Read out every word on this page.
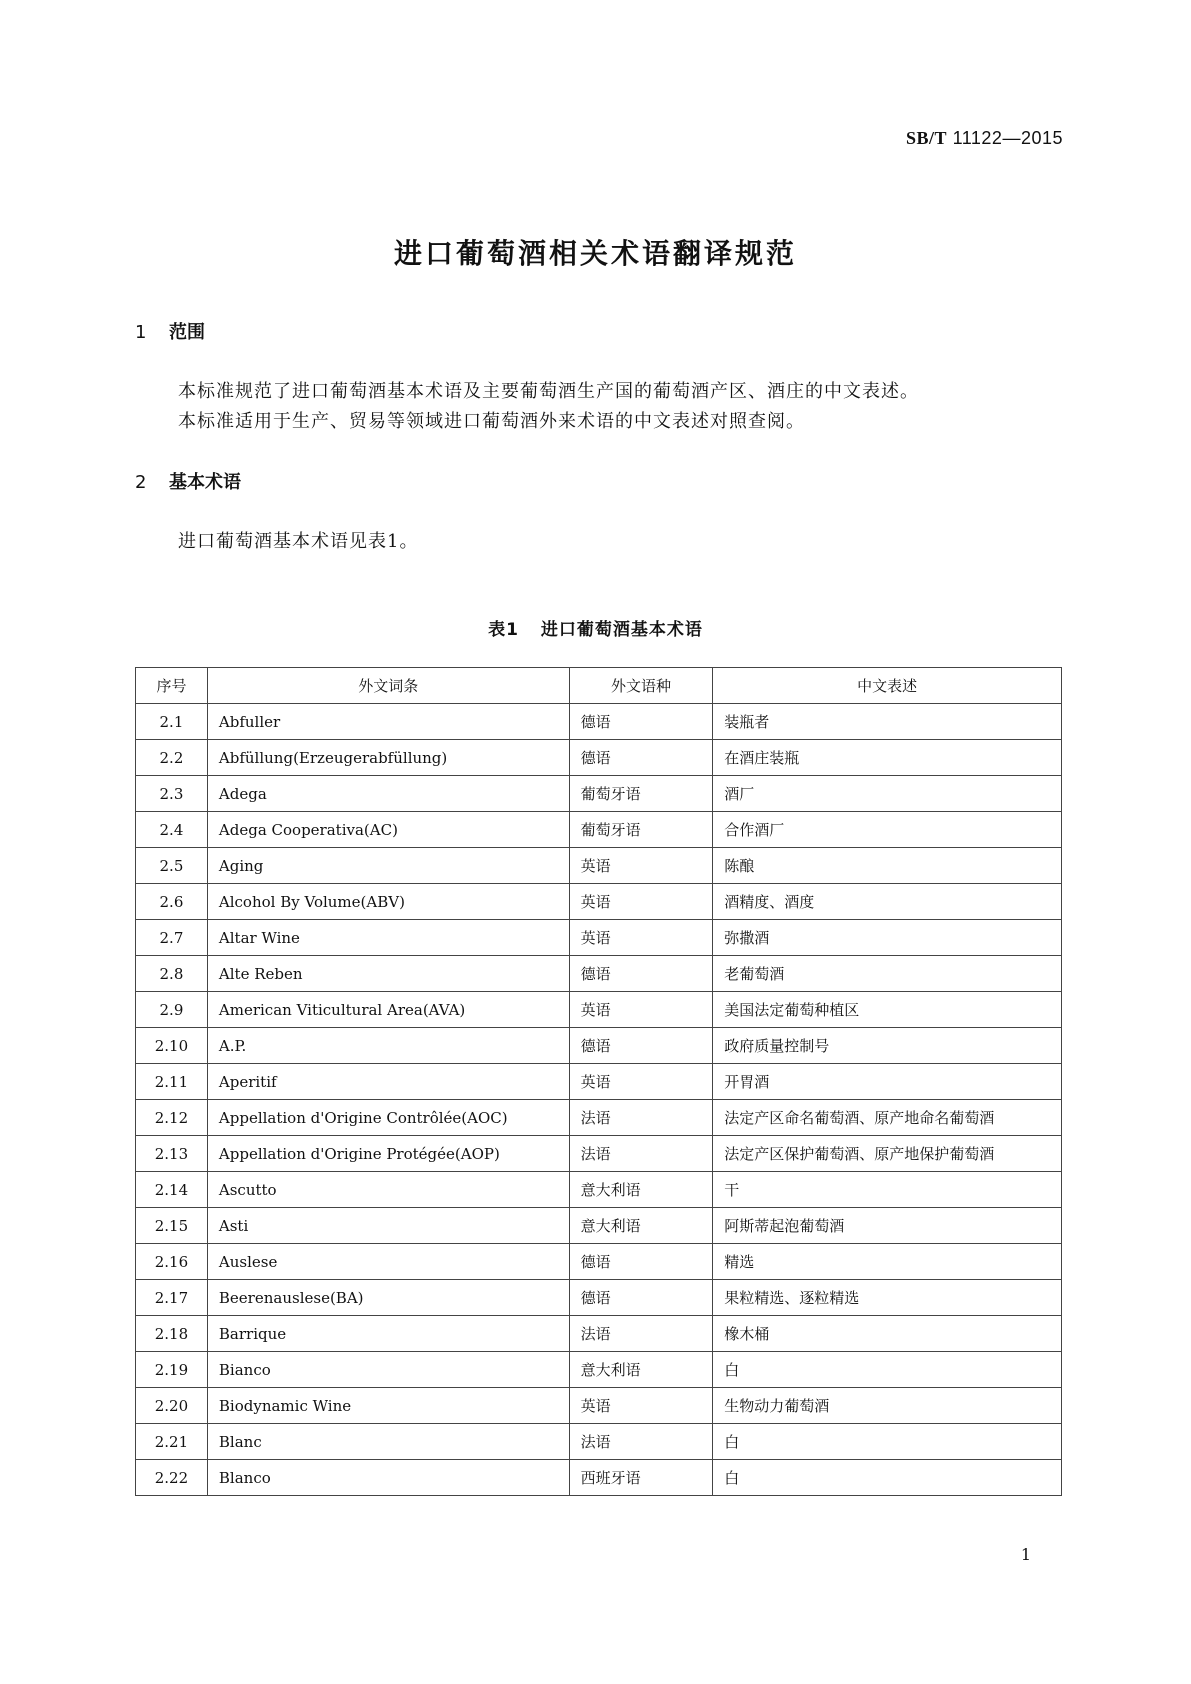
SB/T 11122—2015
进口葡萄酒相关术语翻译规范
1 范围
本标准规范了进口葡萄酒基本术语及主要葡萄酒生产国的葡萄酒产区、酒庄的中文表述。
本标准适用于生产、贸易等领域进口葡萄酒外来术语的中文表述对照查阅。
2 基本术语
进口葡萄酒基本术语见表1。
表1 进口葡萄酒基本术语
序号	外文词条	外文语种	中文表述
2.1	Abfuller	德语	装瓶者
2.2	Abfüllung(Erzeugerabfüllung)	德语	在酒庄装瓶
2.3	Adega	葡萄牙语	酒厂
2.4	Adega Cooperativa(AC)	葡萄牙语	合作酒厂
2.5	Aging	英语	陈酿
2.6	Alcohol By Volume(ABV)	英语	酒精度、酒度
2.7	Altar Wine	英语	弥撒酒
2.8	Alte Reben	德语	老葡萄酒
2.9	American Viticultural Area(AVA)	英语	美国法定葡萄种植区
2.10	A.P.	德语	政府质量控制号
2.11	Aperitif	英语	开胃酒
2.12	Appellation d'Origine Contrôlée(AOC)	法语	法定产区命名葡萄酒、原产地命名葡萄酒
2.13	Appellation d'Origine Protégée(AOP)	法语	法定产区保护葡萄酒、原产地保护葡萄酒
2.14	Ascutto	意大利语	干
2.15	Asti	意大利语	阿斯蒂起泡葡萄酒
2.16	Auslese	德语	精选
2.17	Beerenauslese(BA)	德语	果粒精选、逐粒精选
2.18	Barrique	法语	橡木桶
2.19	Bianco	意大利语	白
2.20	Biodynamic Wine	英语	生物动力葡萄酒
2.21	Blanc	法语	白
2.22	Blanco	西班牙语	白
1
